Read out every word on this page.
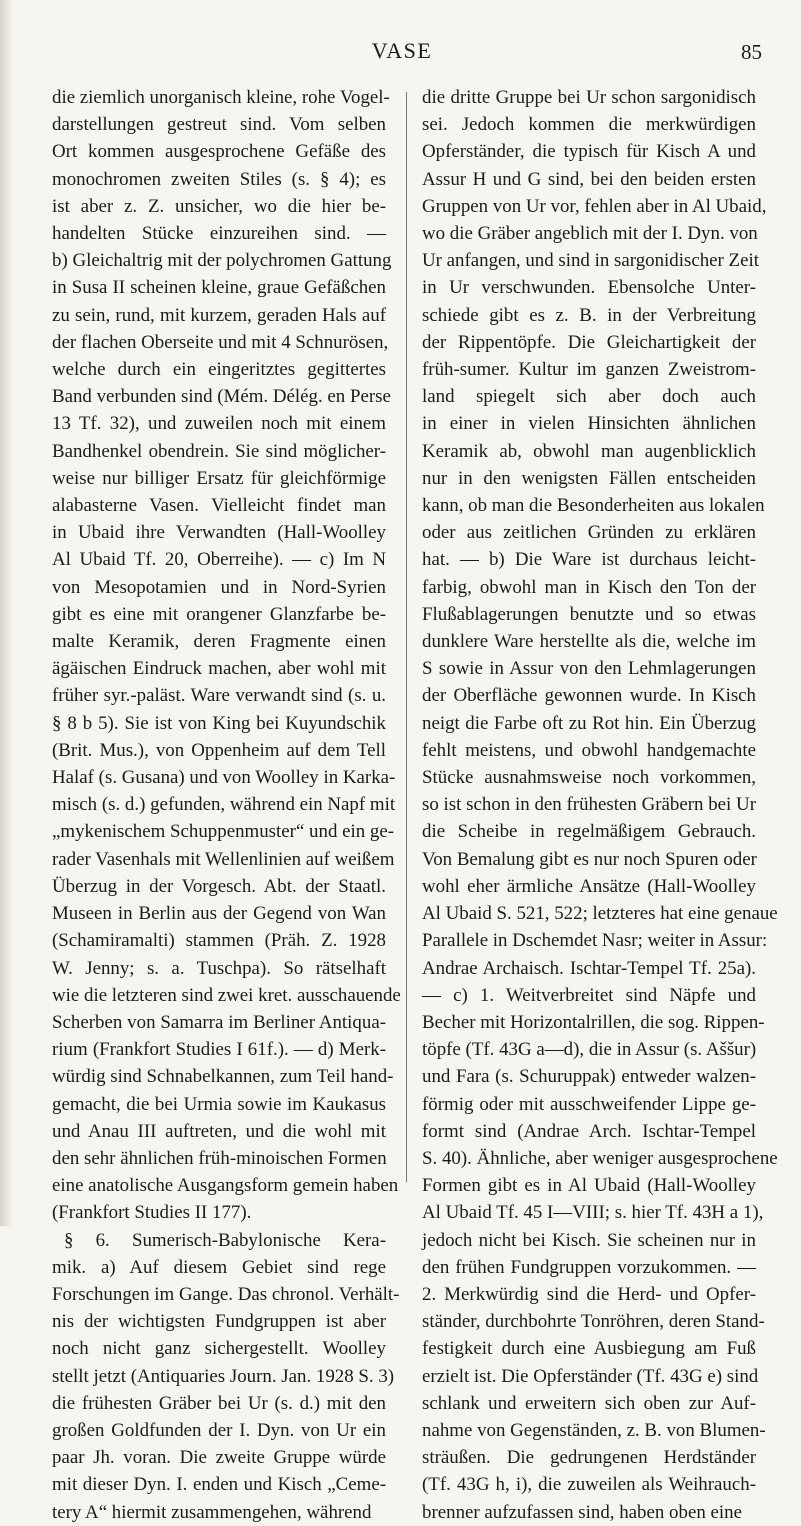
VASE	85
die ziemlich unorganisch kleine, rohe Vogel-
darstellungen gestreut sind. Vom selben
Ort kommen ausgesprochene Gefäße des
monochromen zweiten Stiles (s. § 4); es
ist aber z. Z. unsicher, wo die hier be-
handelten Stücke einzureihen sind. —
b) Gleichaltrig mit der polychromen Gattung
in Susa II scheinen kleine, graue Gefäßchen
zu sein, rund, mit kurzem, geraden Hals auf
der flachen Oberseite und mit 4 Schnurösen,
welche durch ein eingeritztes gegittertes
Band verbunden sind (Mém. Délég. en Perse
13 Tf. 32), und zuweilen noch mit einem
Bandhenkel obendrein. Sie sind möglicher-
weise nur billiger Ersatz für gleichförmige
alabasterne Vasen. Vielleicht findet man
in Ubaid ihre Verwandten (Hall-Woolley
Al Ubaid Tf. 20, Oberreihe). — c) Im N
von Mesopotamien und in Nord-Syrien
gibt es eine mit orangener Glanzfarbe be-
malte Keramik, deren Fragmente einen
ägäischen Eindruck machen, aber wohl mit
früher syr.-paläst. Ware verwandt sind (s. u.
§ 8 b 5). Sie ist von King bei Kuyundschik
(Brit. Mus.), von Oppenheim auf dem Tell
Halaf (s. Gusana) und von Woolley in Karka-
misch (s. d.) gefunden, während ein Napf mit
„mykenischem Schuppenmuster“ und ein ge-
rader Vasenhals mit Wellenlinien auf weißem
Überzug in der Vorgesch. Abt. der Staatl.
Museen in Berlin aus der Gegend von Wan
(Schamiramalti) stammen (Präh. Z. 1928
W. Jenny; s. a. Tuschpa). So rätselhaft
wie die letzteren sind zwei kret. ausschauende
Scherben von Samarra im Berliner Antiqua-
rium (Frankfort Studies I 61f.). — d) Merk-
würdig sind Schnabelkannen, zum Teil hand-
gemacht, die bei Urmia sowie im Kaukasus
und Anau III auftreten, und die wohl mit
den sehr ähnlichen früh-minoischen Formen
eine anatolische Ausgangsform gemein haben
(Frankfort Studies II 177).
§ 6. Sumerisch-Babylonische Kera-
mik. a) Auf diesem Gebiet sind rege
Forschungen im Gange. Das chronol. Verhält-
nis der wichtigsten Fundgruppen ist aber
noch nicht ganz sichergestellt. Woolley
stellt jetzt (Antiquaries Journ. Jan. 1928 S. 3)
die frühesten Gräber bei Ur (s. d.) mit den
großen Goldfunden der I. Dyn. von Ur ein
paar Jh. voran. Die zweite Gruppe würde
mit dieser Dyn. I. enden und Kisch „Ceme-
tery A“ hiermit zusammengehen, während
die dritte Gruppe bei Ur schon sargonidisch
sei. Jedoch kommen die merkwürdigen
Opferständer, die typisch für Kisch A und
Assur H und G sind, bei den beiden ersten
Gruppen von Ur vor, fehlen aber in Al Ubaid,
wo die Gräber angeblich mit der I. Dyn. von
Ur anfangen, und sind in sargonidischer Zeit
in Ur verschwunden. Ebensolche Unter-
schiede gibt es z. B. in der Verbreitung
der Rippentöpfe. Die Gleichartigkeit der
früh-sumer. Kultur im ganzen Zweistrom-
land spiegelt sich aber doch auch
in einer in vielen Hinsichten ähnlichen
Keramik ab, obwohl man augenblicklich
nur in den wenigsten Fällen entscheiden
kann, ob man die Besonderheiten aus lokalen
oder aus zeitlichen Gründen zu erklären
hat. — b) Die Ware ist durchaus leicht-
farbig, obwohl man in Kisch den Ton der
Flußablagerungen benutzte und so etwas
dunklere Ware herstellte als die, welche im
S sowie in Assur von den Lehmlagerungen
der Oberfläche gewonnen wurde. In Kisch
neigt die Farbe oft zu Rot hin. Ein Überzug
fehlt meistens, und obwohl handgemachte
Stücke ausnahmsweise noch vorkommen,
so ist schon in den frühesten Gräbern bei Ur
die Scheibe in regelmäßigem Gebrauch.
Von Bemalung gibt es nur noch Spuren oder
wohl eher ärmliche Ansätze (Hall-Woolley
Al Ubaid S. 521, 522; letzteres hat eine genaue
Parallele in Dschemdet Nasr; weiter in Assur:
Andrae Archaisch. Ischtar-Tempel Tf. 25a).
— c) 1. Weitverbreitet sind Näpfe und
Becher mit Horizontalrillen, die sog. Rippen-
töpfe (Tf. 43G a—d), die in Assur (s. Aššur)
und Fara (s. Schuruppak) entweder walzen-
förmig oder mit ausschweifender Lippe ge-
formt sind (Andrae Arch. Ischtar-Tempel
S. 40). Ähnliche, aber weniger ausgesprochene
Formen gibt es in Al Ubaid (Hall-Woolley
Al Ubaid Tf. 45 I—VIII; s. hier Tf. 43H a 1),
jedoch nicht bei Kisch. Sie scheinen nur in
den frühen Fundgruppen vorzukommen. —
2. Merkwürdig sind die Herd- und Opfer-
ständer, durchbohrte Tonröhren, deren Stand-
festigkeit durch eine Ausbiegung am Fuß
erzielt ist. Die Opferständer (Tf. 43G e) sind
schlank und erweitern sich oben zur Auf-
nahme von Gegenständen, z. B. von Blumen-
sträußen. Die gedrungenen Herdständer
(Tf. 43G h, i), die zuweilen als Weihrauch-
brenner aufzufassen sind, haben oben eine
